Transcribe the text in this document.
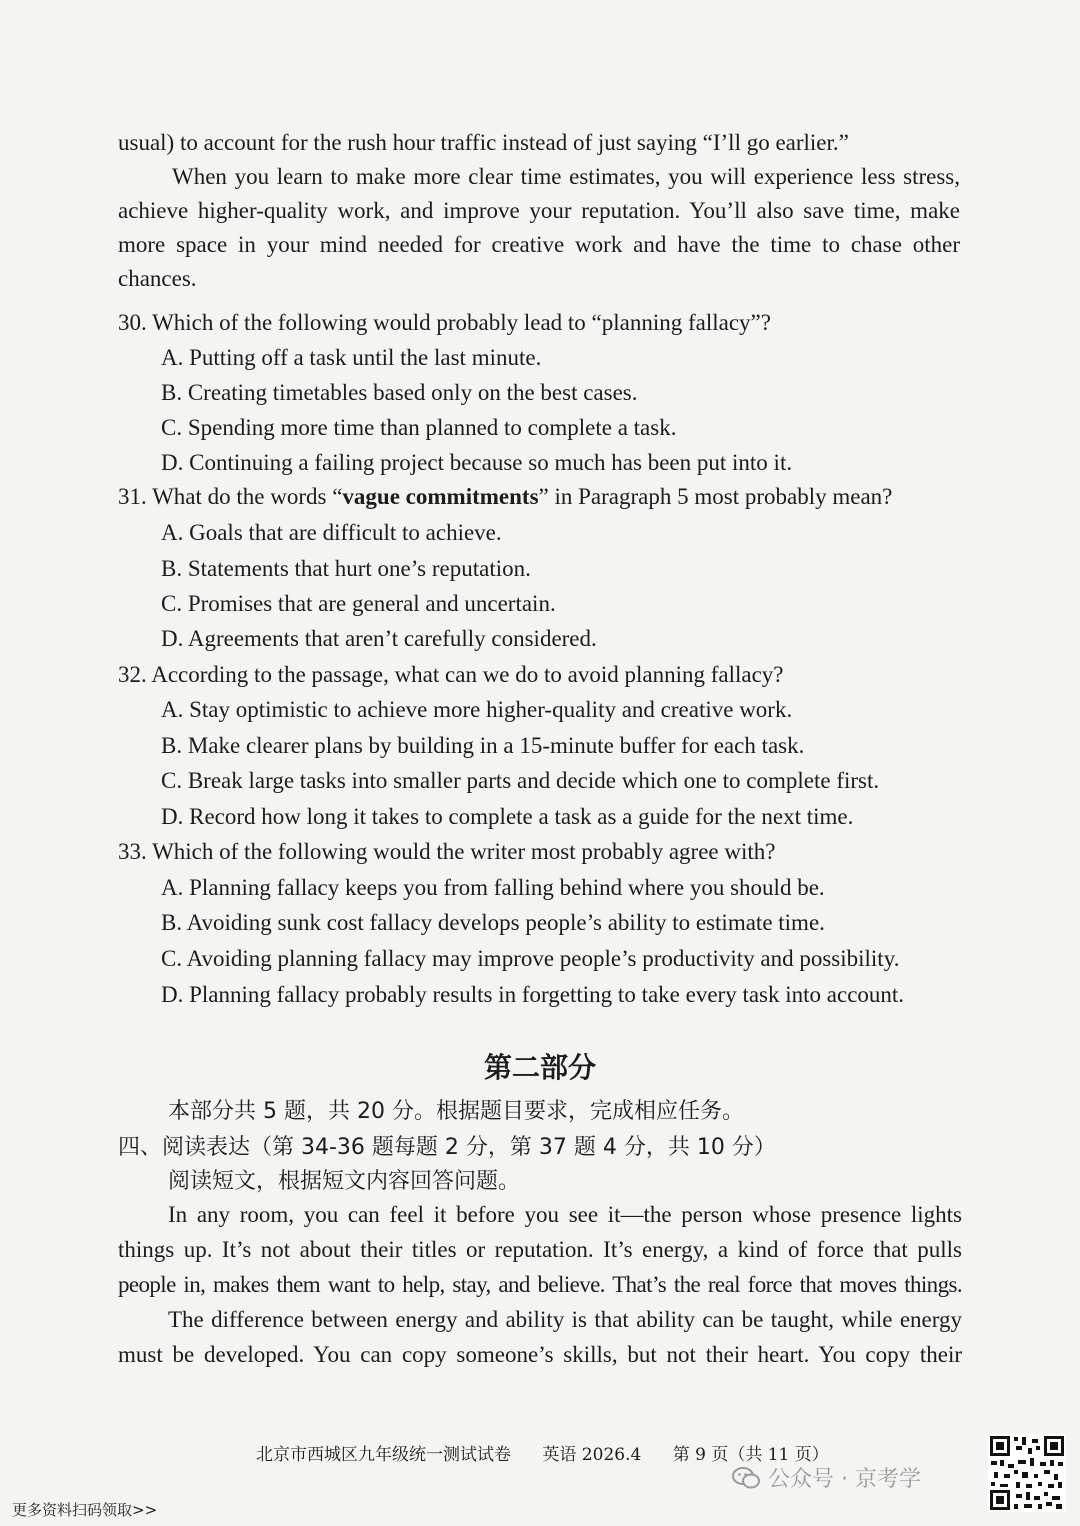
usual) to account for the rush hour traffic instead of just saying “I’ll go earlier.”
When you learn to make more clear time estimates, you will experience less stress,
achieve higher-quality work, and improve your reputation. You’ll also save time, make
more space in your mind needed for creative work and have the time to chase other
chances.
30. Which of the following would probably lead to “planning fallacy”?
A. Putting off a task until the last minute.
B. Creating timetables based only on the best cases.
C. Spending more time than planned to complete a task.
D. Continuing a failing project because so much has been put into it.
31. What do the words “vague commitments” in Paragraph 5 most probably mean?
A. Goals that are difficult to achieve.
B. Statements that hurt one’s reputation.
C. Promises that are general and uncertain.
D. Agreements that aren’t carefully considered.
32. According to the passage, what can we do to avoid planning fallacy?
A. Stay optimistic to achieve more higher-quality and creative work.
B. Make clearer plans by building in a 15-minute buffer for each task.
C. Break large tasks into smaller parts and decide which one to complete first.
D. Record how long it takes to complete a task as a guide for the next time.
33. Which of the following would the writer most probably agree with?
A. Planning fallacy keeps you from falling behind where you should be.
B. Avoiding sunk cost fallacy develops people’s ability to estimate time.
C. Avoiding planning fallacy may improve people’s productivity and possibility.
D. Planning fallacy probably results in forgetting to take every task into account.
第二部分
本部分共 5 题，共 20 分。根据题目要求，完成相应任务。
四、阅读表达（第 34-36 题每题 2 分，第 37 题 4 分，共 10 分）
阅读短文，根据短文内容回答问题。
In any room, you can feel it before you see it—the person whose presence lights
things up. It’s not about their titles or reputation. It’s energy, a kind of force that pulls
people in, makes them want to help, stay, and believe. That’s the real force that moves things.
The difference between energy and ability is that ability can be taught, while energy
must be developed. You can copy someone’s skills, but not their heart. You copy their
北京市西城区九年级统一测试试卷 英语 2026.4 第 9 页（共 11 页）
公众号 · 京考学
更多资料扫码领取>>
